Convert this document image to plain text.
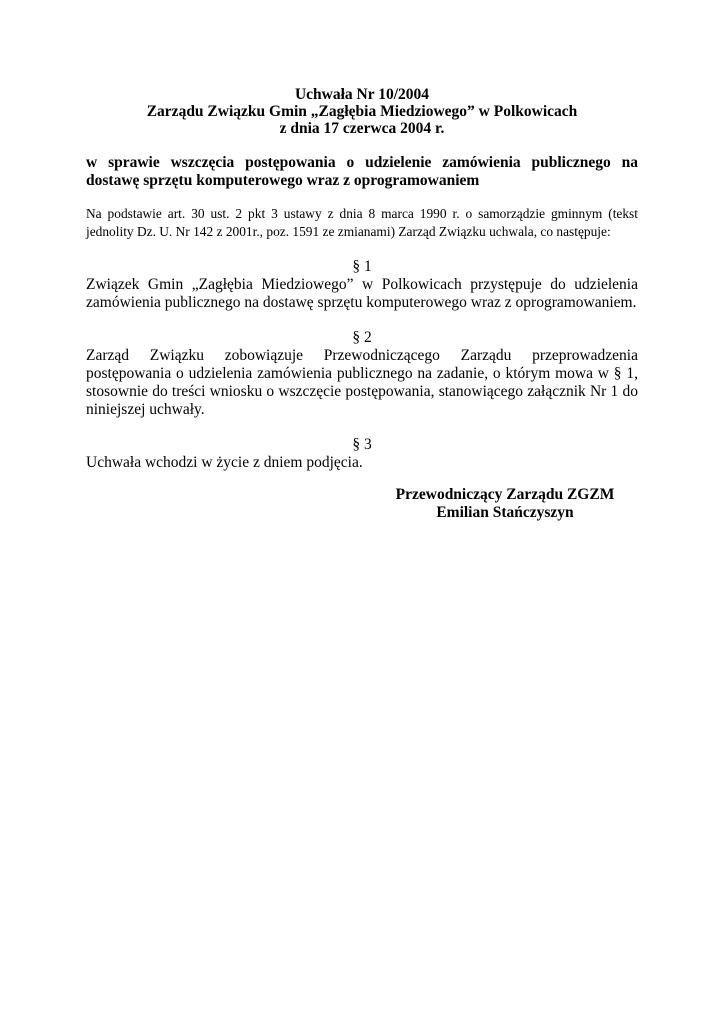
Uchwała Nr 10/2004
Zarządu Związku Gmin „Zagłębia Miedziowego” w Polkowicach
z dnia 17 czerwca 2004 r.
w sprawie wszczęcia postępowania o udzielenie zamówienia publicznego na dostawę sprzętu komputerowego wraz z oprogramowaniem
Na podstawie art. 30 ust. 2 pkt 3 ustawy z dnia 8 marca 1990 r. o samorządzie gminnym (tekst jednolity Dz. U. Nr 142 z 2001r., poz. 1591 ze zmianami) Zarząd Związku uchwala, co następuje:
§ 1
Związek Gmin „Zagłębia Miedziowego” w Polkowicach przystępuje do udzielenia zamówienia publicznego na dostawę sprzętu komputerowego wraz z oprogramowaniem.
§ 2
Zarząd Związku zobowiązuje Przewodniczącego Zarządu przeprowadzenia postępowania o udzielenia zamówienia publicznego na zadanie, o którym mowa w § 1, stosownie do treści wniosku o wszczęcie postępowania, stanowiącego załącznik Nr 1 do niniejszej uchwały.
§ 3
Uchwała wchodzi w życie z dniem podjęcia.
Przewodniczący Zarządu ZGZM
Emilian Stańczyszyn
